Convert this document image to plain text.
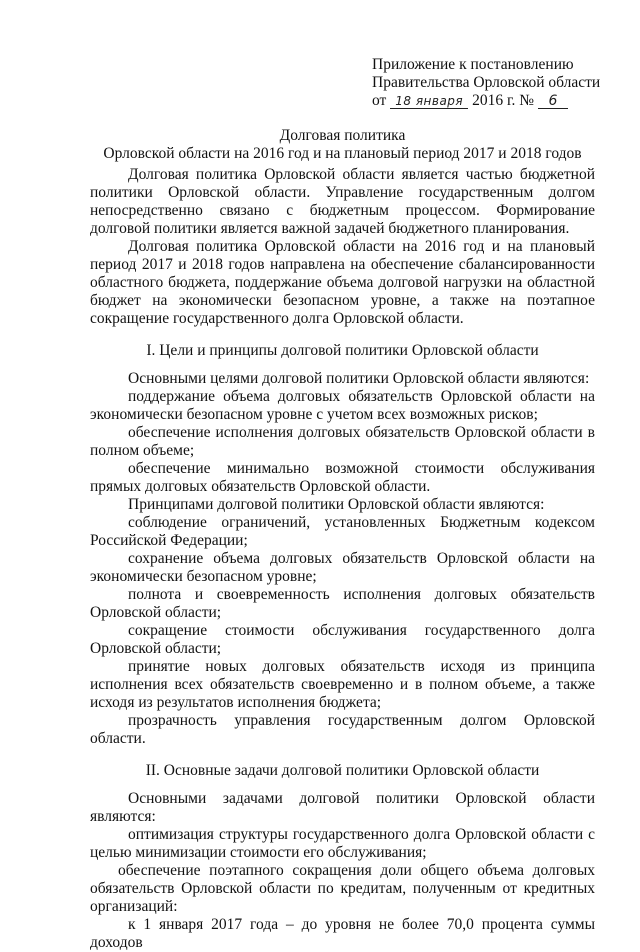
Приложение к постановлению
Правительства Орловской области
от 18 января 2016 г. № 6
Долговая политика
Орловской области на 2016 год и на плановый период 2017 и 2018 годов

Долговая политика Орловской области является частью бюджетной политики Орловской области. Управление государственным долгом непосредственно связано с бюджетным процессом. Формирование долговой политики является важной задачей бюджетного планирования.

Долговая политика Орловской области на 2016 год и на плановый период 2017 и 2018 годов направлена на обеспечение сбалансированности областного бюджета, поддержание объема долговой нагрузки на областной бюджет на экономически безопасном уровне, а также на поэтапное сокращение государственного долга Орловской области.

I. Цели и принципы долговой политики Орловской области

Основными целями долговой политики Орловской области являются:

поддержание объема долговых обязательств Орловской области на экономически безопасном уровне с учетом всех возможных рисков;

обеспечение исполнения долговых обязательств Орловской области в полном объеме;

обеспечение минимально возможной стоимости обслуживания прямых долговых обязательств Орловской области.

Принципами долговой политики Орловской области являются:

соблюдение ограничений, установленных Бюджетным кодексом Российской Федерации;

сохранение объема долговых обязательств Орловской области на экономически безопасном уровне;

полнота и своевременность исполнения долговых обязательств Орловской области;

сокращение стоимости обслуживания государственного долга Орловской области;

принятие новых долговых обязательств исходя из принципа исполнения всех обязательств своевременно и в полном объеме, а также исходя из результатов исполнения бюджета;

прозрачность управления государственным долгом Орловской области.

II. Основные задачи долговой политики Орловской области

Основными задачами долговой политики Орловской области являются:

оптимизация структуры государственного долга Орловской области с целью минимизации стоимости его обслуживания;

обеспечение поэтапного сокращения доли общего объема долговых обязательств Орловской области по кредитам, полученным от кредитных организаций:

к 1 января 2017 года – до уровня не более 70,0 процента суммы доходов
